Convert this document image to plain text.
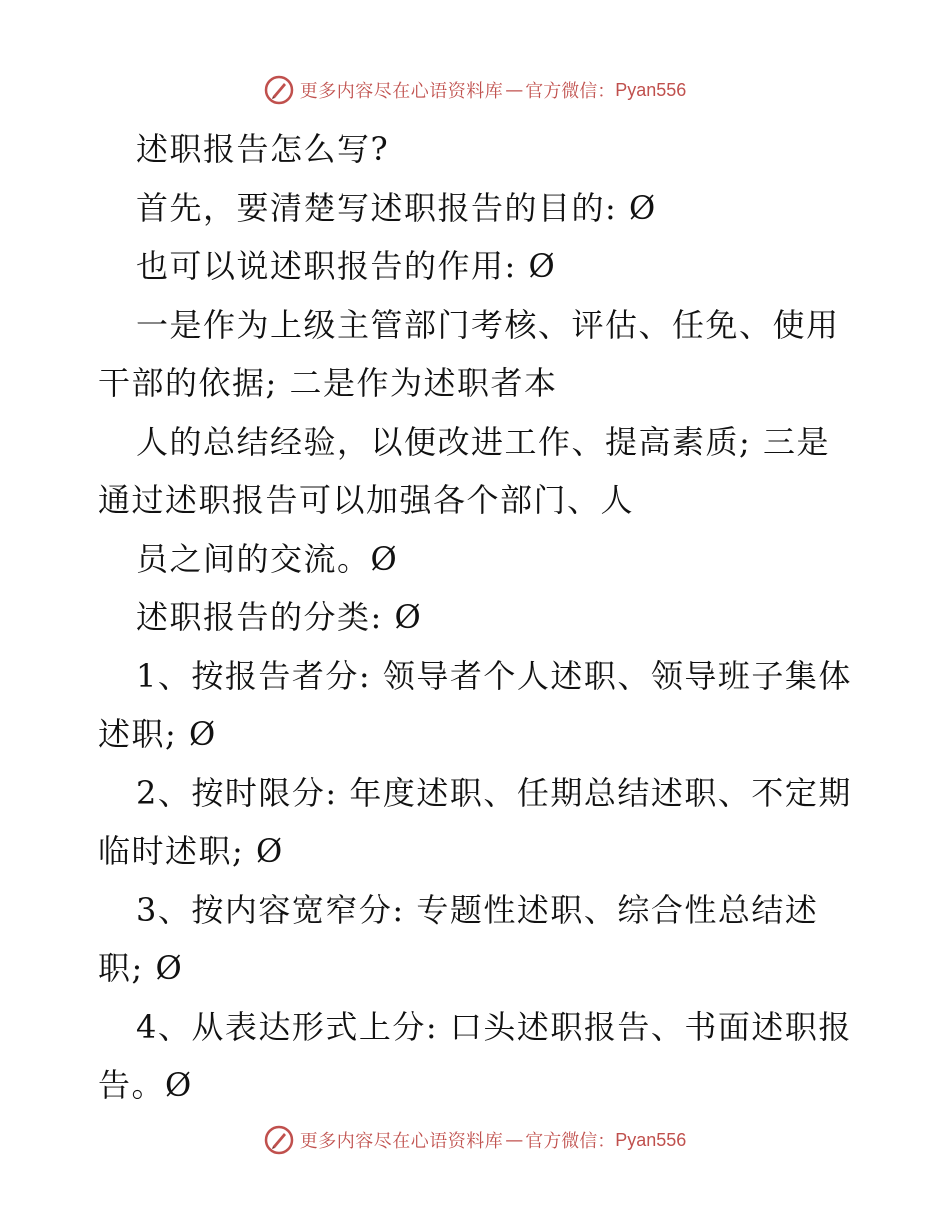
更多内容尽在心语资料库 — 官方微信： Pyan556

述职报告怎么写?

首先，要清楚写述职报告的目的: Ø

也可以说述职报告的作用: Ø

一是作为上级主管部门考核、评估、任免、使用干部的依据; 二是作为述职者本

人的总结经验，以便改进工作、提高素质; 三是通过述职报告可以加强各个部门、人

员之间的交流。Ø

述职报告的分类: Ø

1、按报告者分: 领导者个人述职、领导班子集体述职; Ø

2、按时限分: 年度述职、任期总结述职、不定期临时述职; Ø

3、按内容宽窄分: 专题性述职、综合性总结述职; Ø

4、从表达形式上分: 口头述职报告、书面述职报告。Ø

更多内容尽在心语资料库 — 官方微信： Pyan556
